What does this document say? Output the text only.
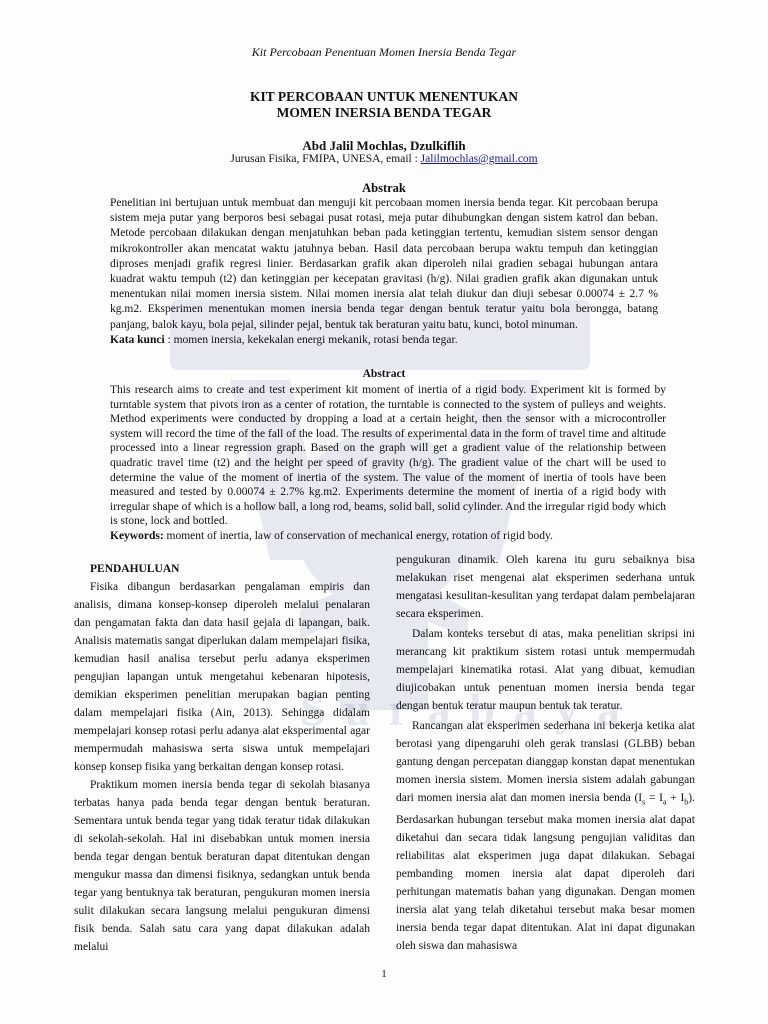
Surabaya
Kit Percobaan Penentuan Momen Inersia Benda Tegar
KIT PERCOBAAN UNTUK MENENTUKAN
MOMEN INERSIA BENDA TEGAR
Abd Jalil Mochlas, Dzulkiflih
Jurusan Fisika, FMIPA, UNESA, email : Jalilmochlas@gmail.com
Abstrak

Penelitian ini bertujuan untuk membuat dan menguji kit percobaan momen inersia benda tegar. Kit percobaan berupa sistem meja putar yang berporos besi sebagai pusat rotasi, meja putar dihubungkan dengan sistem katrol dan beban. Metode percobaan dilakukan dengan menjatuhkan beban pada ketinggian tertentu, kemudian sistem sensor dengan mikrokontroller akan mencatat waktu jatuhnya beban. Hasil data percobaan berupa waktu tempuh dan ketinggian diproses menjadi grafik regresi linier. Berdasarkan grafik akan diperoleh nilai gradien sebagai hubungan antara kuadrat waktu tempuh (t2) dan ketinggian per kecepatan gravitasi (h/g). Nilai gradien grafik akan digunakan untuk menentukan nilai momen inersia sistem. Nilai momen inersia alat telah diukur dan diuji sebesar 0.00074 ± 2.7 % kg.m2. Eksperimen menentukan momen inersia benda tegar dengan bentuk teratur yaitu bola berongga, batang panjang, balok kayu, bola pejal, silinder pejal, bentuk tak beraturan yaitu batu, kunci, botol minuman.

Kata kunci : momen inersia, kekekalan energi mekanik, rotasi benda tegar.

Abstract

This research aims to create and test experiment kit moment of inertia of a rigid body. Experiment kit is formed by turntable system that pivots iron as a center of rotation, the turntable is connected to the system of pulleys and weights. Method experiments were conducted by dropping a load at a certain height, then the sensor with a microcontroller system will record the time of the fall of the load. The results of experimental data in the form of travel time and altitude processed into a linear regression graph. Based on the graph will get a gradient value of the relationship between quadratic travel time (t2) and the height per speed of gravity (h/g). The gradient value of the chart will be used to determine the value of the moment of inertia of the system. The value of the moment of inertia of tools have been measured and tested by 0.00074 ± 2.7% kg.m2. Experiments determine the moment of inertia of a rigid body with irregular shape of which is a hollow ball, a long rod, beams, solid ball, solid cylinder. And the irregular rigid body which is stone, lock and bottled.

Keywords: moment of inertia, law of conservation of mechanical energy, rotation of rigid body.

PENDAHULUAN

Fisika dibangun berdasarkan pengalaman empiris dan analisis, dimana konsep-konsep diperoleh melalui penalaran dan pengamatan fakta dan data hasil gejala di lapangan, baik. Analisis matematis sangat diperlukan dalam mempelajari fisika, kemudian hasil analisa tersebut perlu adanya eksperimen pengujian lapangan untuk mengetahui kebenaran hipotesis, demikian eksperimen penelitian merupakan bagian penting dalam mempelajari fisika (Ain, 2013). Sehingga didalam mempelajari konsep rotasi perlu adanya alat eksperimental agar mempermudah mahasiswa serta siswa untuk mempelajari konsep konsep fisika yang berkaitan dengan konsep rotasi.

Praktikum momen inersia benda tegar di sekolah biasanya terbatas hanya pada benda tegar dengan bentuk beraturan. Sementara untuk benda tegar yang tidak teratur tidak dilakukan di sekolah-sekolah. Hal ini disebabkan untuk momen inersia benda tegar dengan bentuk beraturan dapat ditentukan dengan mengukur massa dan dimensi fisiknya, sedangkan untuk benda tegar yang bentuknya tak beraturan, pengukuran momen inersia sulit dilakukan secara langsung melalui pengukuran dimensi fisik benda. Salah satu cara yang dapat dilakukan adalah melalui

pengukuran dinamik. Oleh karena itu guru sebaiknya bisa melakukan riset mengenai alat eksperimen sederhana untuk mengatasi kesulitan-kesulitan yang terdapat dalam pembelajaran secara eksperimen.

Dalam konteks tersebut di atas, maka penelitian skripsi ini merancang kit praktikum sistem rotasi untuk mempermudah mempelajari kinematika rotasi. Alat yang dibuat, kemudian diujicobakan untuk penentuan momen inersia benda tegar dengan bentuk teratur maupun bentuk tak teratur.

Rancangan alat eksperimen sederhana ini bekerja ketika alat berotasi yang dipengaruhi oleh gerak translasi (GLBB) beban gantung dengan percepatan dianggap konstan dapat menentukan momen inersia sistem. Momen inersia sistem adalah gabungan dari momen inersia alat dan momen inersia benda $(I_s = I_a + I_b)$. Berdasarkan hubungan tersebut maka momen inersia alat dapat diketahui dan secara tidak langsung pengujian validitas dan reliabilitas alat eksperimen juga dapat dilakukan. Sebagai pembanding momen inersia alat dapat diperoleh dari perhitungan matematis bahan yang digunakan. Dengan momen inersia alat yang telah diketahui tersebut maka besar momen inersia benda tegar dapat ditentukan. Alat ini dapat digunakan oleh siswa dan mahasiswa

1
